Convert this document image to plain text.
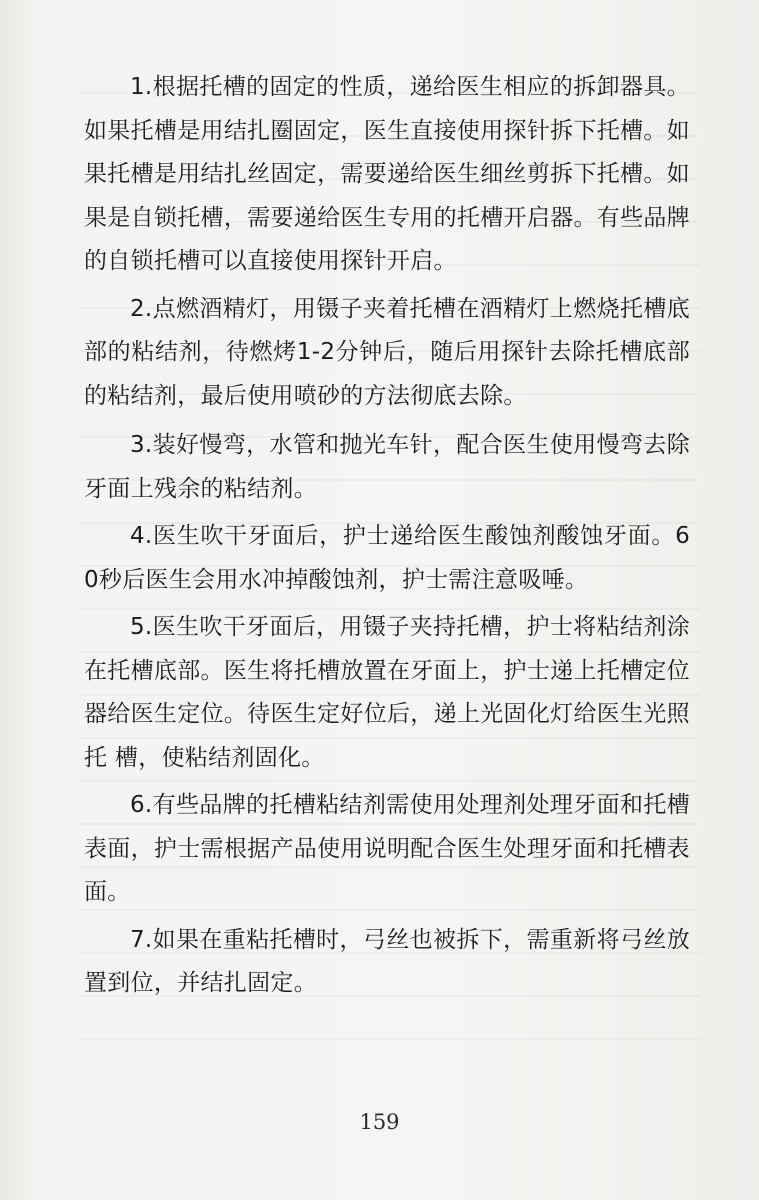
1.根据托槽的固定的性质，递给医生相应的拆卸器具。如果托槽是用结扎圈固定，医生直接使用探针拆下托槽。如果托槽是用结扎丝固定，需要递给医生细丝剪拆下托槽。如果是自锁托槽，需要递给医生专用的托槽开启器。有些品牌的自锁托槽可以直接使用探针开启。

2.点燃酒精灯，用镊子夹着托槽在酒精灯上燃烧托槽底部的粘结剂，待燃烤1-2分钟后，随后用探针去除托槽底部的粘结剂，最后使用喷砂的方法彻底去除。

3.装好慢弯，水管和抛光车针，配合医生使用慢弯去除牙面上残余的粘结剂。

4.医生吹干牙面后，护士递给医生酸蚀剂酸蚀牙面。60秒后医生会用水冲掉酸蚀剂，护士需注意吸唾。

5.医生吹干牙面后，用镊子夹持托槽，护士将粘结剂涂在托槽底部。医生将托槽放置在牙面上，护士递上托槽定位器给医生定位。待医生定好位后，递上光固化灯给医生光照托 槽，使粘结剂固化。

6.有些品牌的托槽粘结剂需使用处理剂处理牙面和托槽表面，护士需根据产品使用说明配合医生处理牙面和托槽表面。

7.如果在重粘托槽时，弓丝也被拆下，需重新将弓丝放置到位，并结扎固定。

159
